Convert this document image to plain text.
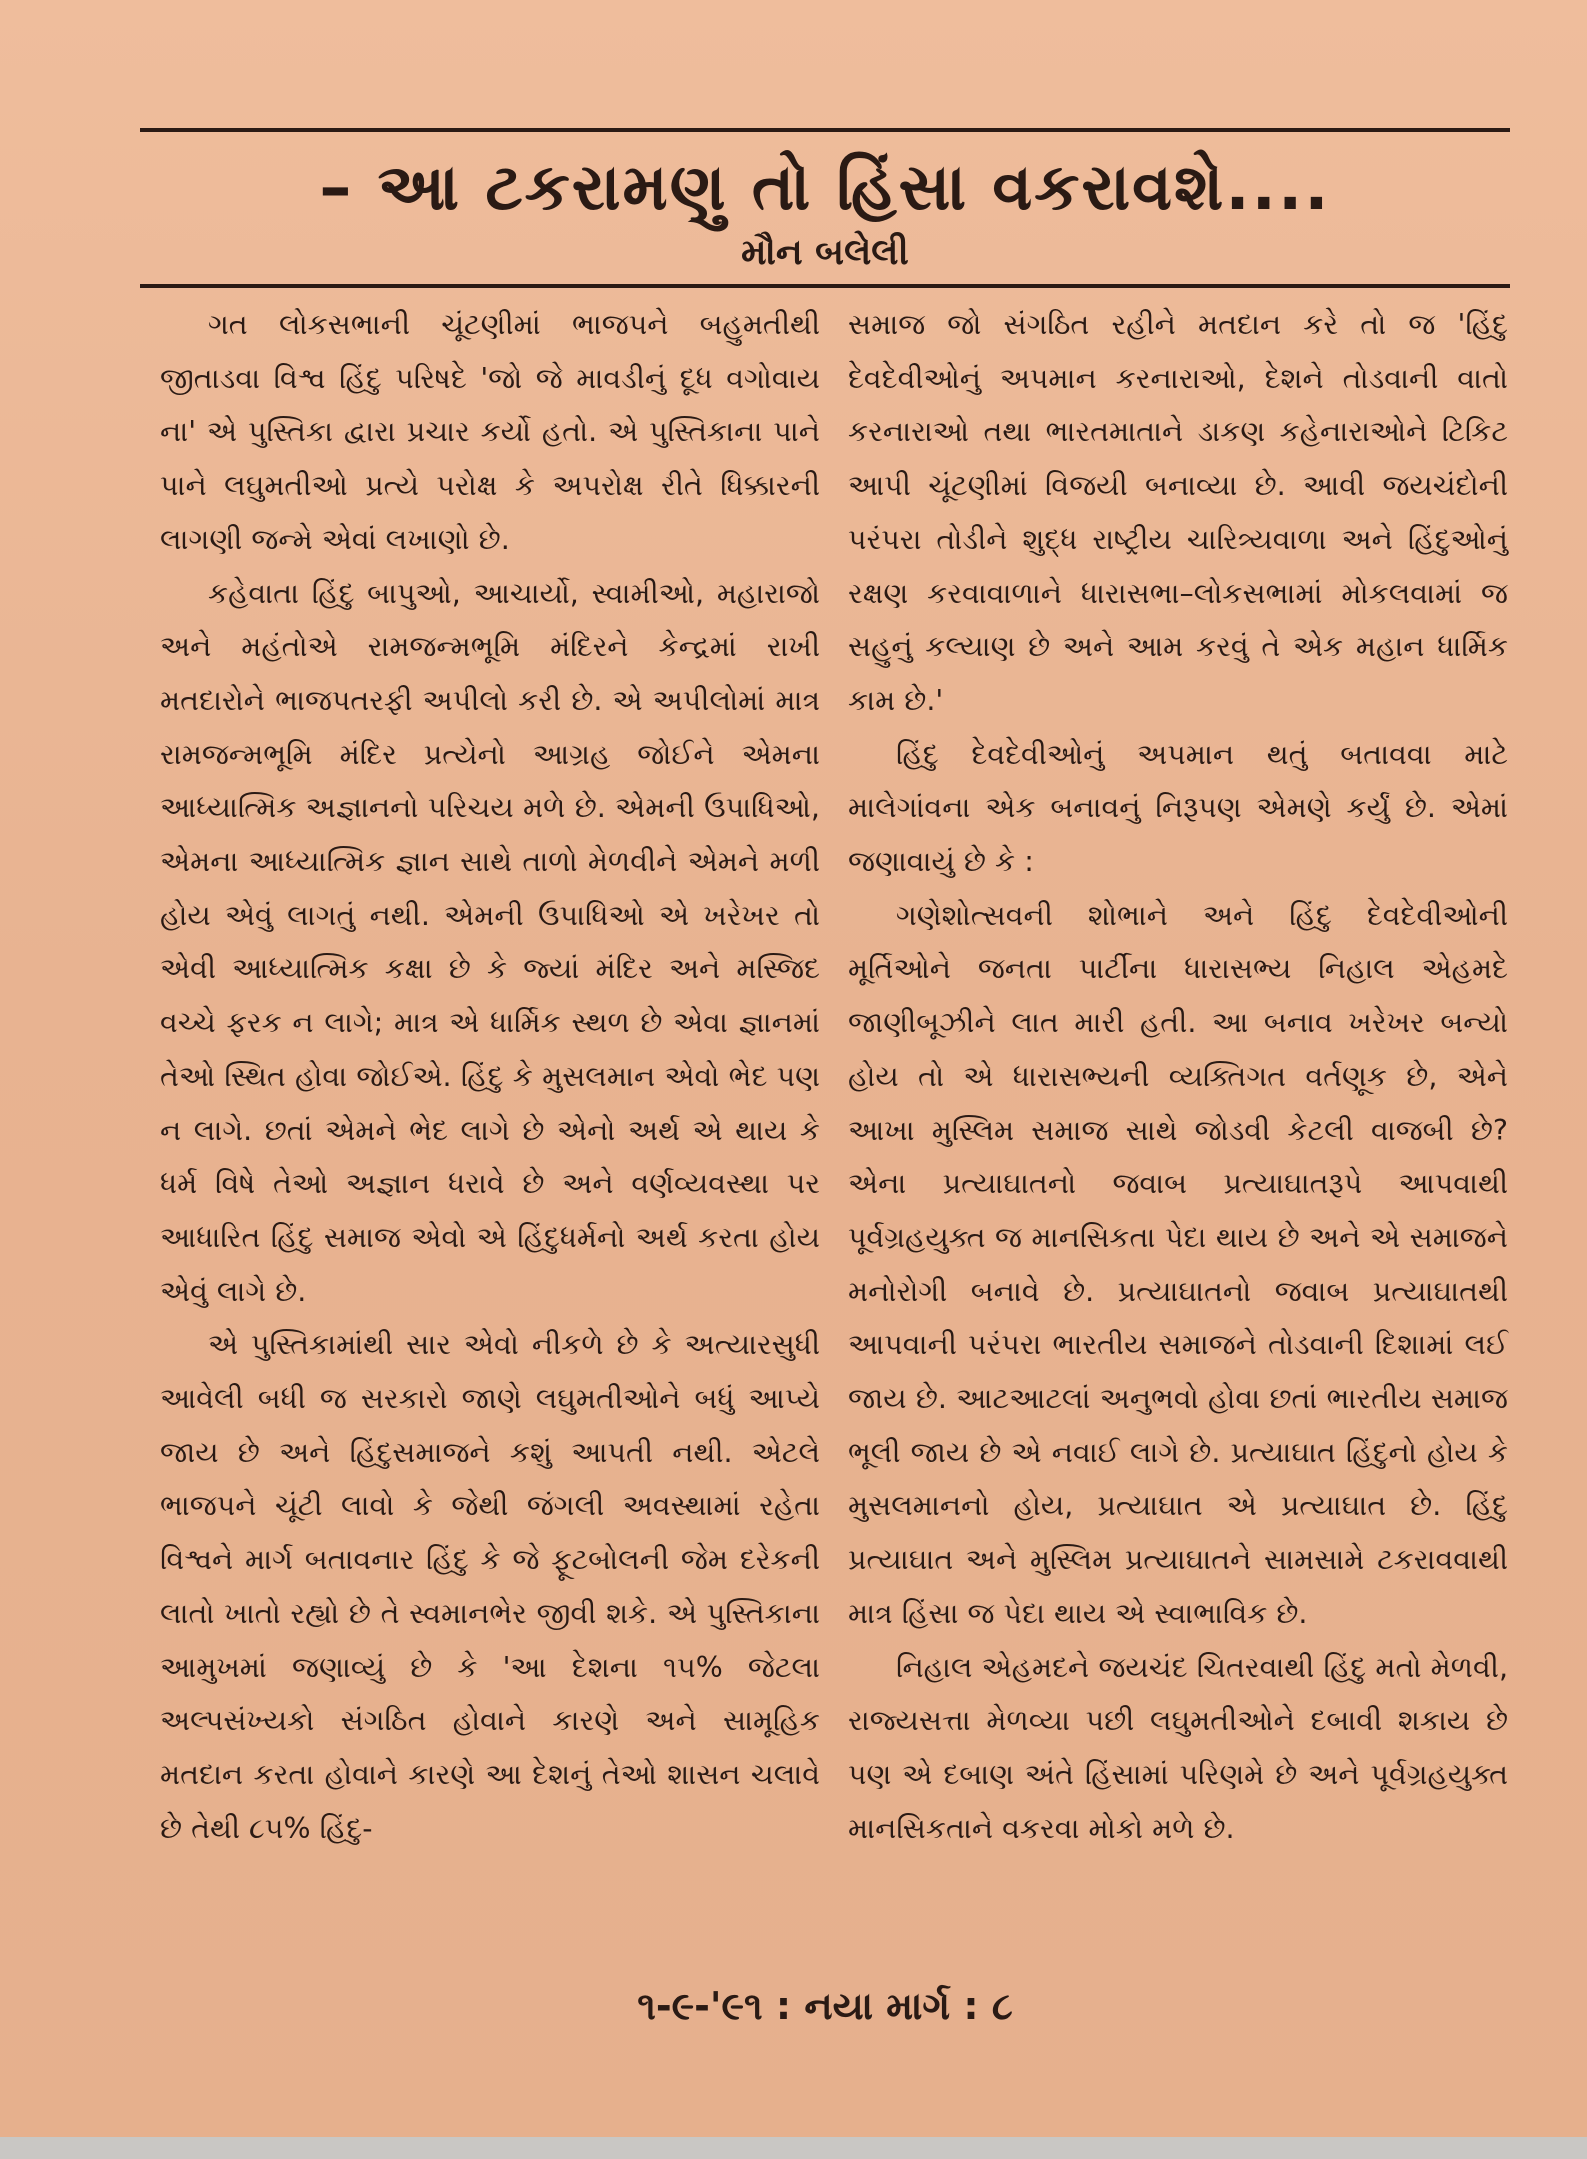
– આ ટકરામણુ તો હિંસા વકરાવશે....
મૌન બલેલી

ગત લોકસભાની ચૂંટણીમાં ભાજપને બહુમતીથી જીતાડવા વિશ્વ હિંદુ પરિષદે 'જો જે માવડીનું દૂધ વગોવાય ના' એ પુસ્તિકા દ્વારા પ્રચાર કર્યો હતો. એ પુસ્તિકાના પાને પાને લઘુમતીઓ પ્રત્યે પરોક્ષ કે અપરોક્ષ રીતે ધિક્કારની લાગણી જન્મે એવાં લખાણો છે.

કહેવાતા હિંદુ બાપુઓ, આચાર્યો, સ્વામીઓ, મહારાજો અને મહંતોએ રામજન્મભૂમિ મંદિરને કેન્દ્રમાં રાખી મતદારોને ભાજપતરફી અપીલો કરી છે. એ અપીલોમાં માત્ર રામજન્મભૂમિ મંદિર પ્રત્યેનો આગ્રહ જોઈને એમના આધ્યાત્મિક અજ્ઞાનનો પરિચય મળે છે. એમની ઉપાધિઓ, એમના આધ્યાત્મિક જ્ઞાન સાથે તાળો મેળવીને એમને મળી હોય એવું લાગતું નથી. એમની ઉપાધિઓ એ ખરેખર તો એવી આધ્યાત્મિક કક્ષા છે કે જ્યાં મંદિર અને મસ્જિદ વચ્ચે ફરક ન લાગે; માત્ર એ ધાર્મિક સ્થળ છે એવા જ્ઞાનમાં તેઓ સ્થિત હોવા જોઈએ. હિંદુ કે મુસલમાન એવો ભેદ પણ ન લાગે. છતાં એમને ભેદ લાગે છે એનો અર્થ એ થાય કે ધર્મ વિષે તેઓ અજ્ઞાન ધરાવે છે અને વર્ણવ્યવસ્થા પર આધારિત હિંદુ સમાજ એવો એ હિંદુધર્મનો અર્થ કરતા હોય એવું લાગે છે.

એ પુસ્તિકામાંથી સાર એવો નીકળે છે કે અત્યારસુધી આવેલી બધી જ સરકારો જાણે લઘુમતીઓને બધું આપ્યે જાય છે અને હિંદુસમાજને કશું આપતી નથી. એટલે ભાજપને ચૂંટી લાવો કે જેથી જંગલી અવસ્થામાં રહેતા વિશ્વને માર્ગ બતાવનાર હિંદુ કે જે ફૂટબોલની જેમ દરેકની લાતો ખાતો રહ્યો છે તે સ્વમાનભેર જીવી શકે. એ પુસ્તિકાના આમુખમાં જણાવ્યું છે કે 'આ દેશના ૧૫% જેટલા અલ્પસંખ્યકો સંગઠિત હોવાને કારણે અને સામૂહિક મતદાન કરતા હોવાને કારણે આ દેશનું તેઓ શાસન ચલાવે છે તેથી ૮૫% હિંદુ-

સમાજ જો સંગઠિત રહીને મતદાન કરે તો જ 'હિંદુ દેવદેવીઓનું અપમાન કરનારાઓ, દેશને તોડવાની વાતો કરનારાઓ તથા ભારતમાતાને ડાકણ કહેનારાઓને ટિકિટ આપી ચૂંટણીમાં વિજયી બનાવ્યા છે. આવી જયચંદોની પરંપરા તોડીને શુદ્ધ રાષ્ટ્રીય ચારિત્ર્યવાળા અને હિંદુઓનું રક્ષણ કરવાવાળાને ધારાસભા–લોકસભામાં મોકલવામાં જ સહુનું કલ્યાણ છે અને આમ કરવું તે એક મહાન ધાર્મિક કામ છે.'

હિંદુ દેવદેવીઓનું અપમાન થતું બતાવવા માટે માલેગાંવના એક બનાવનું નિરૂપણ એમણે કર્યું છે. એમાં જણાવાયું છે કે :

ગણેશોત્સવની શોભાને અને હિંદુ દેવદેવીઓની મૂર્તિઓને જનતા પાર્ટીના ધારાસભ્ય નિહાલ એહમદે જાણીબૂઝીને લાત મારી હતી. આ બનાવ ખરેખર બન્યો હોય તો એ ધારાસભ્યની વ્યક્તિગત વર્તણૂક છે, એને આખા મુસ્લિમ સમાજ સાથે જોડવી કેટલી વાજબી છે? એના પ્રત્યાઘાતનો જવાબ પ્રત્યાઘાતરૂપે આપવાથી પૂર્વગ્રહયુક્ત જ માનસિકતા પેદા થાય છે અને એ સમાજને મનોરોગી બનાવે છે. પ્રત્યાઘાતનો જવાબ પ્રત્યાઘાતથી આપવાની પરંપરા ભારતીય સમાજને તોડવાની દિશામાં લઈ જાય છે. આટઆટલાં અનુભવો હોવા છતાં ભારતીય સમાજ ભૂલી જાય છે એ નવાઈ લાગે છે. પ્રત્યાઘાત હિંદુનો હોય કે મુસલમાનનો હોય, પ્રત્યાઘાત એ પ્રત્યાઘાત છે. હિંદુ પ્રત્યાઘાત અને મુસ્લિમ પ્રત્યાઘાતને સામસામે ટકરાવવાથી માત્ર હિંસા જ પેદા થાય એ સ્વાભાવિક છે.

નિહાલ એહમદને જયચંદ ચિતરવાથી હિંદુ મતો મેળવી, રાજ્યસત્તા મેળવ્યા પછી લઘુમતીઓને દબાવી શકાય છે પણ એ દબાણ અંતે હિંસામાં પરિણમે છે અને પૂર્વગ્રહયુક્ત માનસિકતાને વકરવા મોકો મળે છે.

૧-૯-'૯૧ : નયા માર્ગ : ૮
